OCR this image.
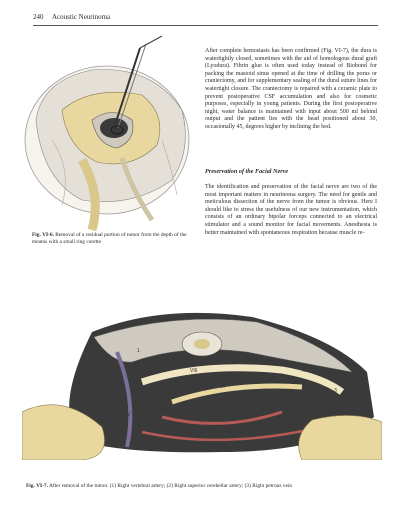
240 Acoustic Neurinoma

Fig. VI-6. Removal of a residual portion of tumor from the depth of the meatus with a small ring curette

After complete hemostasis has been confirmed (Fig. VI-7), the dura is watertightly closed, sometimes with the aid of homologous dural graft (Lyodura). Fibrin glue is often used today instead of Biobond for packing the mastoid sinus opened at the time of drilling the porus or craniectomy, and for supplementary sealing of the dural suture lines for watertight closure. The craniectomy is repaired with a ceramic plate to prevent postoperative CSF accumulation and also for cosmetic purposes, especially in young patients. During the first postoperative night, water balance is maintained with input about 500 ml behind output and the patient lies with the head positioned about 30, occasionally 45, degrees higher by inclining the bed.

Preservation of the Facial Nerve

The identification and preservation of the facial nerve are two of the most important matters in neurinoma surgery. The need for gentle and meticulous dissection of the nerve from the tumor is obvious. Here I should like to stress the usefulness of our new instrumentation, which consists of an ordinary bipolar forceps connected to an electrical stimulator and a sound monitor for facial movements. Anesthesia is better maintained with spontaneous respiration because muscle re-

VIII
VII
VI
IX
X
V
1
2
3

Fig. VI-7. After removal of the tumor. (1) Right vertebral artery; (2) Right superior cerebellar artery; (3) Right petrous vein
